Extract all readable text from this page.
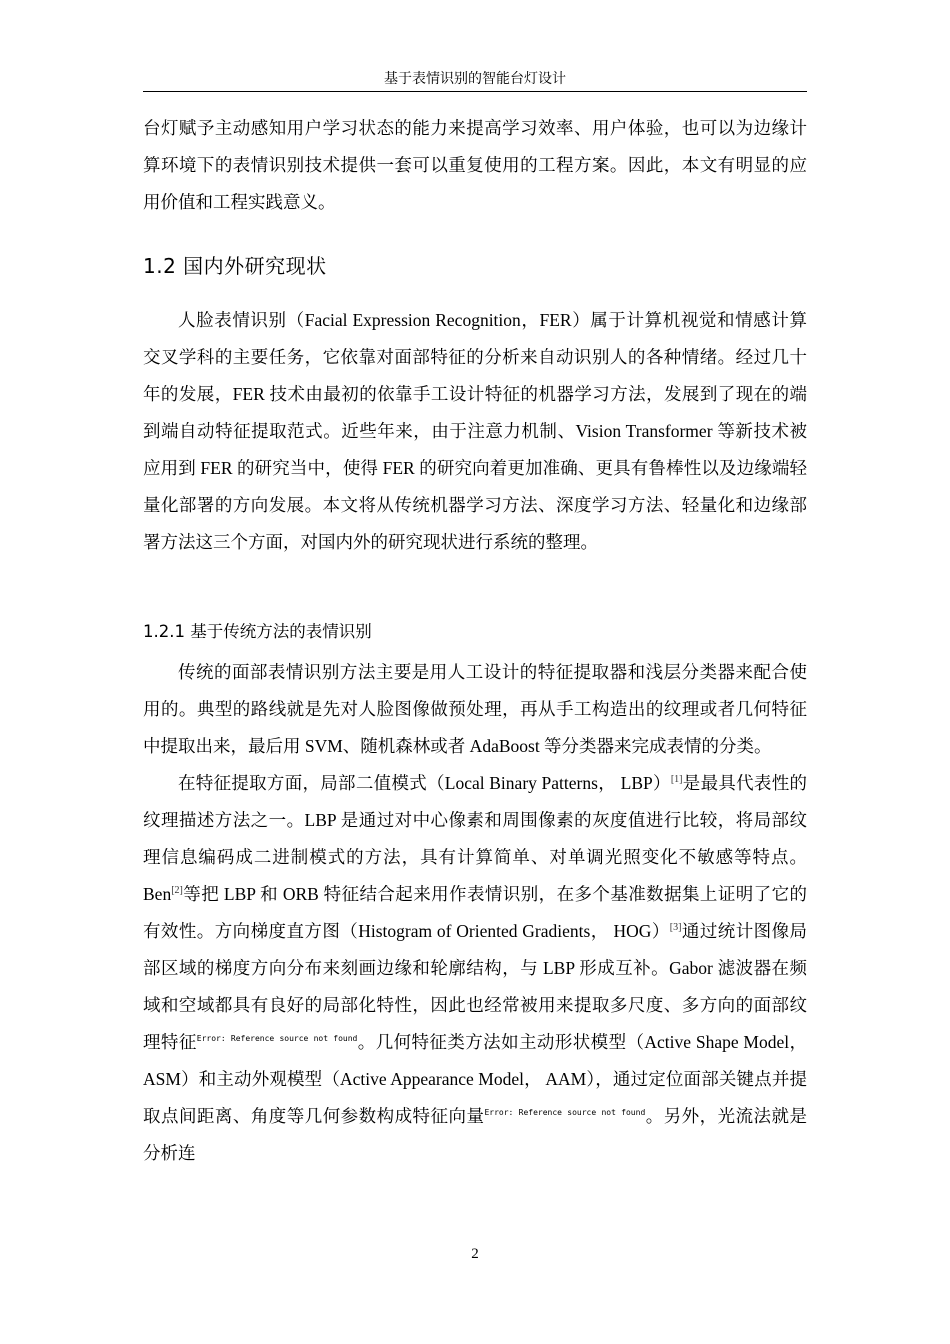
基于表情识别的智能台灯设计

台灯赋予主动感知用户学习状态的能力来提高学习效率、用户体验，也可以为边缘计算环境下的表情识别技术提供一套可以重复使用的工程方案。因此，本文有明显的应用价值和工程实践意义。

1.2 国内外研究现状

人脸表情识别（Facial Expression Recognition，FER）属于计算机视觉和情感计算交叉学科的主要任务，它依靠对面部特征的分析来自动识别人的各种情绪。经过几十年的发展，FER 技术由最初的依靠手工设计特征的机器学习方法，发展到了现在的端到端自动特征提取范式。近些年来，由于注意力机制、Vision Transformer 等新技术被应用到 FER 的研究当中，使得 FER 的研究向着更加准确、更具有鲁棒性以及边缘端轻量化部署的方向发展。本文将从传统机器学习方法、深度学习方法、轻量化和边缘部署方法这三个方面，对国内外的研究现状进行系统的整理。

1.2.1 基于传统方法的表情识别

传统的面部表情识别方法主要是用人工设计的特征提取器和浅层分类器来配合使用的。典型的路线就是先对人脸图像做预处理，再从手工构造出的纹理或者几何特征中提取出来，最后用 SVM、随机森林或者 AdaBoost 等分类器来完成表情的分类。

在特征提取方面，局部二值模式（Local Binary Patterns， LBP）[1]是最具代表性的纹理描述方法之一。LBP 是通过对中心像素和周围像素的灰度值进行比较，将局部纹理信息编码成二进制模式的方法，具有计算简单、对单调光照变化不敏感等特点。Ben[2]等把 LBP 和 ORB 特征结合起来用作表情识别，在多个基准数据集上证明了它的有效性。方向梯度直方图（Histogram of Oriented Gradients， HOG）[3]通过统计图像局部区域的梯度方向分布来刻画边缘和轮廓结构，与 LBP 形成互补。Gabor 滤波器在频域和空域都具有良好的局部化特性，因此也经常被用来提取多尺度、多方向的面部纹理特征$^{Error: Reference source not found}$。几何特征类方法如主动形状模型（Active Shape Model， ASM）和主动外观模型（Active Appearance Model， AAM），通过定位面部关键点并提取点间距离、角度等几何参数构成特征向量$^{Error: Reference source not found}$。另外，光流法就是分析连

2
